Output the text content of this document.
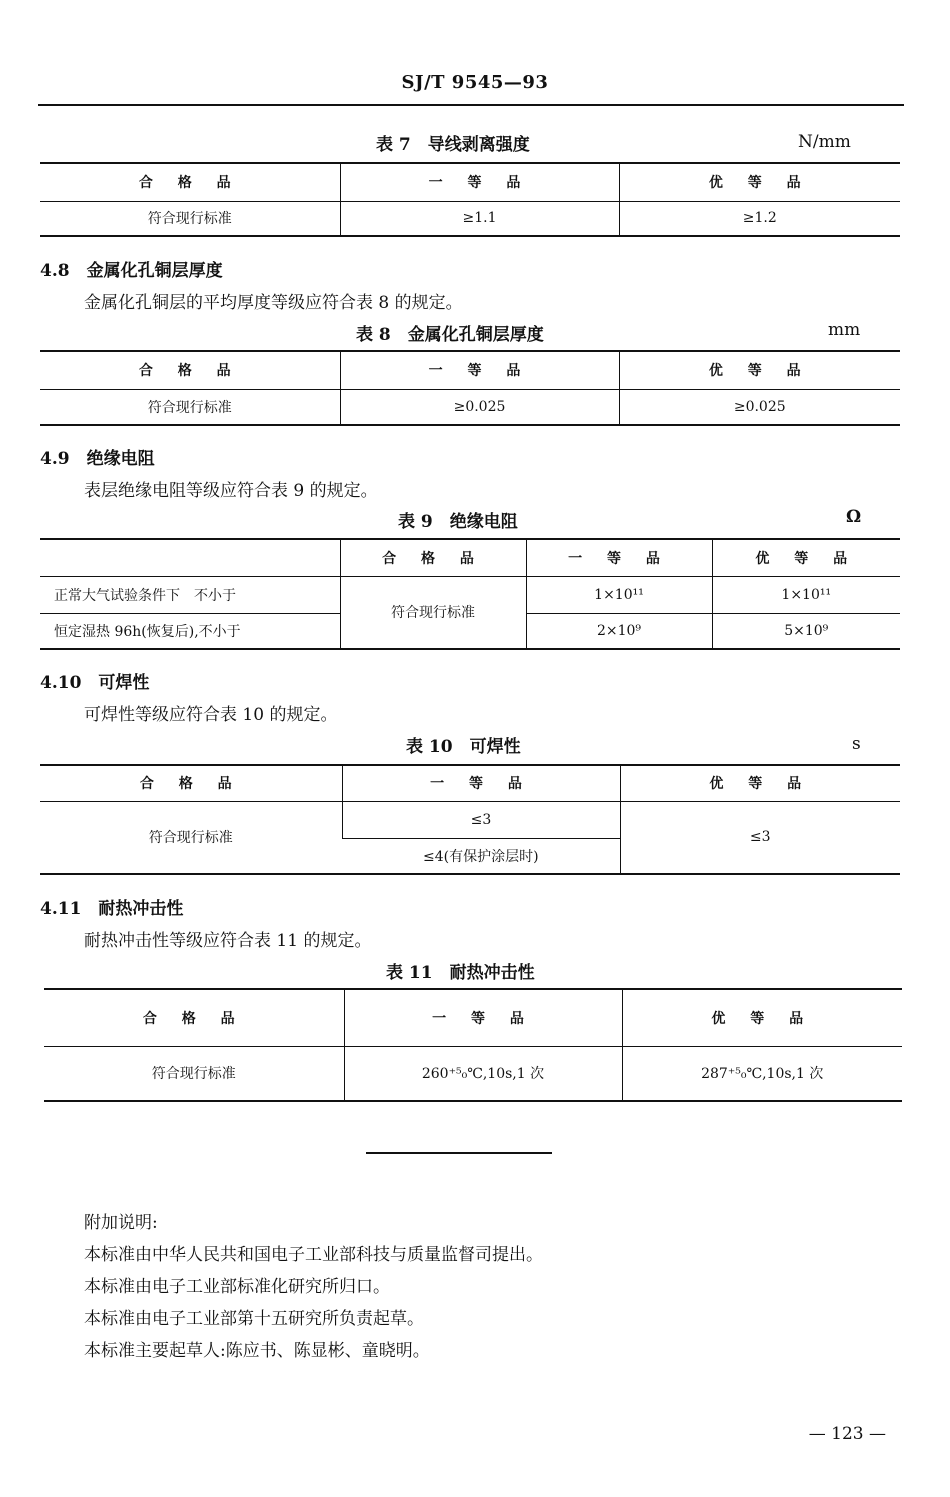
SJ/T 9545—93
表 7　导线剥离强度	N/mm
合 格 品	一 等 品	优 等 品
符合现行标准	≥1.1	≥1.2
4.8　金属化孔铜层厚度
金属化孔铜层的平均厚度等级应符合表 8 的规定。
表 8　金属化孔铜层厚度	mm
合 格 品	一 等 品	优 等 品
符合现行标准	≥0.025	≥0.025
4.9　绝缘电阻
表层绝缘电阻等级应符合表 9 的规定。
表 9　绝缘电阻	Ω
	合 格 品	一 等 品	优 等 品
正常大气试验条件下　不小于	符合现行标准	1×10¹¹	1×10¹¹
恒定湿热 96h(恢复后),不小于		2×10⁹	5×10⁹
4.10　可焊性
可焊性等级应符合表 10 的规定。
表 10　可焊性	s
合 格 品	一 等 品	优 等 品
符合现行标准	≤3	≤3
	≤4(有保护涂层时)	
4.11　耐热冲击性
耐热冲击性等级应符合表 11 的规定。
表 11　耐热冲击性
合 格 品	一 等 品	优 等 品
符合现行标准	260⁺⁵₀℃,10s,1 次	287⁺⁵₀℃,10s,1 次
附加说明:
本标准由中华人民共和国电子工业部科技与质量监督司提出。
本标准由电子工业部标准化研究所归口。
本标准由电子工业部第十五研究所负责起草。
本标准主要起草人:陈应书、陈显彬、童晓明。
— 123 —
